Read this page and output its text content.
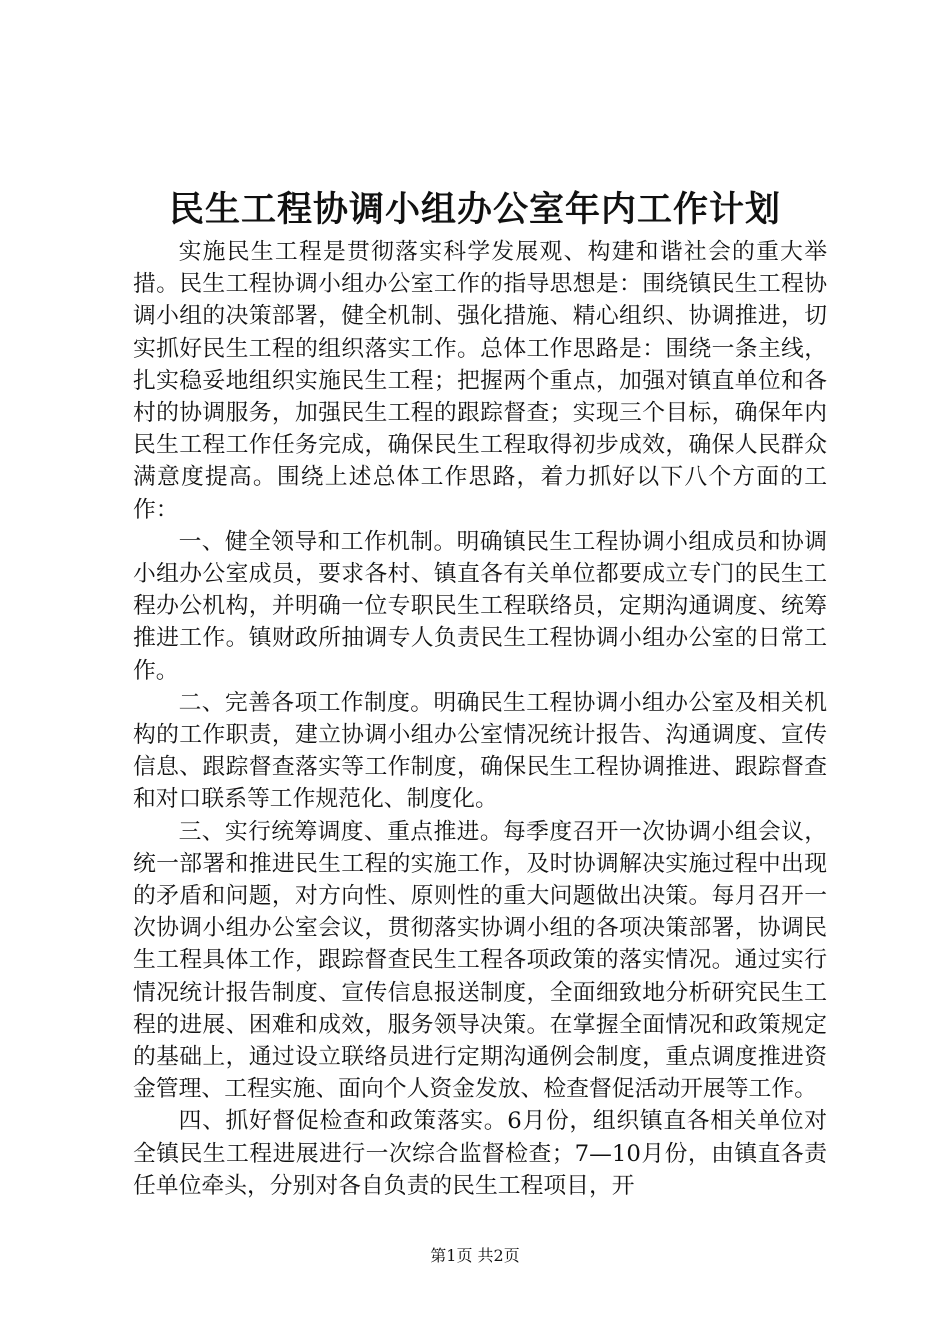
民生工程协调小组办公室年内工作计划

实施民生工程是贯彻落实科学发展观、构建和谐社会的重大举措。民生工程协调小组办公室工作的指导思想是：围绕镇民生工程协调小组的决策部署，健全机制、强化措施、精心组织、协调推进，切实抓好民生工程的组织落实工作。总体工作思路是：围绕一条主线，扎实稳妥地组织实施民生工程；把握两个重点，加强对镇直单位和各村的协调服务，加强民生工程的跟踪督查；实现三个目标，确保年内民生工程工作任务完成，确保民生工程取得初步成效，确保人民群众满意度提高。围绕上述总体工作思路，着力抓好以下八个方面的工作：

一、健全领导和工作机制。明确镇民生工程协调小组成员和协调小组办公室成员，要求各村、镇直各有关单位都要成立专门的民生工程办公机构，并明确一位专职民生工程联络员，定期沟通调度、统筹推进工作。镇财政所抽调专人负责民生工程协调小组办公室的日常工作。

二、完善各项工作制度。明确民生工程协调小组办公室及相关机构的工作职责，建立协调小组办公室情况统计报告、沟通调度、宣传信息、跟踪督查落实等工作制度，确保民生工程协调推进、跟踪督查和对口联系等工作规范化、制度化。

三、实行统筹调度、重点推进。每季度召开一次协调小组会议，统一部署和推进民生工程的实施工作，及时协调解决实施过程中出现的矛盾和问题，对方向性、原则性的重大问题做出决策。每月召开一次协调小组办公室会议，贯彻落实协调小组的各项决策部署，协调民生工程具体工作，跟踪督查民生工程各项政策的落实情况。通过实行情况统计报告制度、宣传信息报送制度，全面细致地分析研究民生工程的进展、困难和成效，服务领导决策。在掌握全面情况和政策规定的基础上，通过设立联络员进行定期沟通例会制度，重点调度推进资金管理、工程实施、面向个人资金发放、检查督促活动开展等工作。

四、抓好督促检查和政策落实。6月份，组织镇直各相关单位对全镇民生工程进展进行一次综合监督检查；7—10月份，由镇直各责任单位牵头，分别对各自负责的民生工程项目，开

第1页 共2页
